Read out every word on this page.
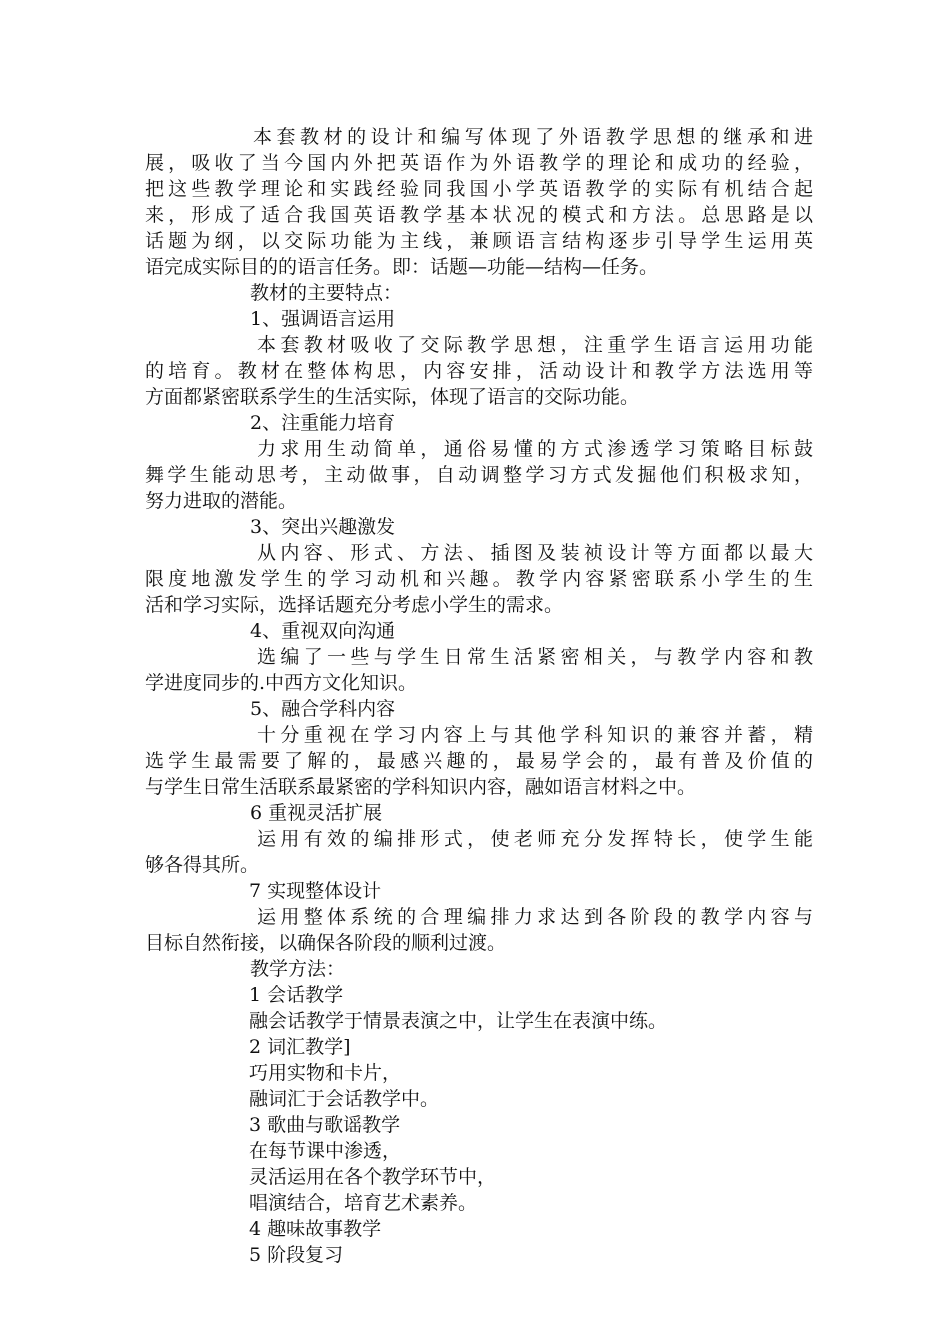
本套教材的设计和编写体现了外语教学思想的继承和进
展，吸收了当今国内外把英语作为外语教学的理论和成功的经验，
把这些教学理论和实践经验同我国小学英语教学的实际有机结合起
来，形成了适合我国英语教学基本状况的模式和方法。总思路是以
话题为纲，以交际功能为主线，兼顾语言结构逐步引导学生运用英
语完成实际目的的语言任务。即：话题—功能—结构—任务。
教材的主要特点：
1、强调语言运用
本套教材吸收了交际教学思想，注重学生语言运用功能
的培育。教材在整体构思，内容安排，活动设计和教学方法选用等
方面都紧密联系学生的生活实际，体现了语言的交际功能。
2、注重能力培育
力求用生动简单，通俗易懂的方式渗透学习策略目标鼓
舞学生能动思考，主动做事，自动调整学习方式发掘他们积极求知，
努力进取的潜能。
3、突出兴趣激发
从内容、形式、方法、插图及装祯设计等方面都以最大
限度地激发学生的学习动机和兴趣。教学内容紧密联系小学生的生
活和学习实际，选择话题充分考虑小学生的需求。
4、重视双向沟通
选编了一些与学生日常生活紧密相关，与教学内容和教
学进度同步的.中西方文化知识。
5、融合学科内容
十分重视在学习内容上与其他学科知识的兼容并蓄，精
选学生最需要了解的，最感兴趣的，最易学会的，最有普及价值的
与学生日常生活联系最紧密的学科知识内容，融如语言材料之中。
6 重视灵活扩展
运用有效的编排形式，使老师充分发挥特长，使学生能
够各得其所。
7 实现整体设计
运用整体系统的合理编排力求达到各阶段的教学内容与
目标自然衔接，以确保各阶段的顺利过渡。
教学方法：
1 会话教学
融会话教学于情景表演之中，让学生在表演中练。
2 词汇教学]
巧用实物和卡片，
融词汇于会话教学中。
3 歌曲与歌谣教学
在每节课中渗透，
灵活运用在各个教学环节中，
唱演结合，培育艺术素养。
4 趣味故事教学
5 阶段复习
